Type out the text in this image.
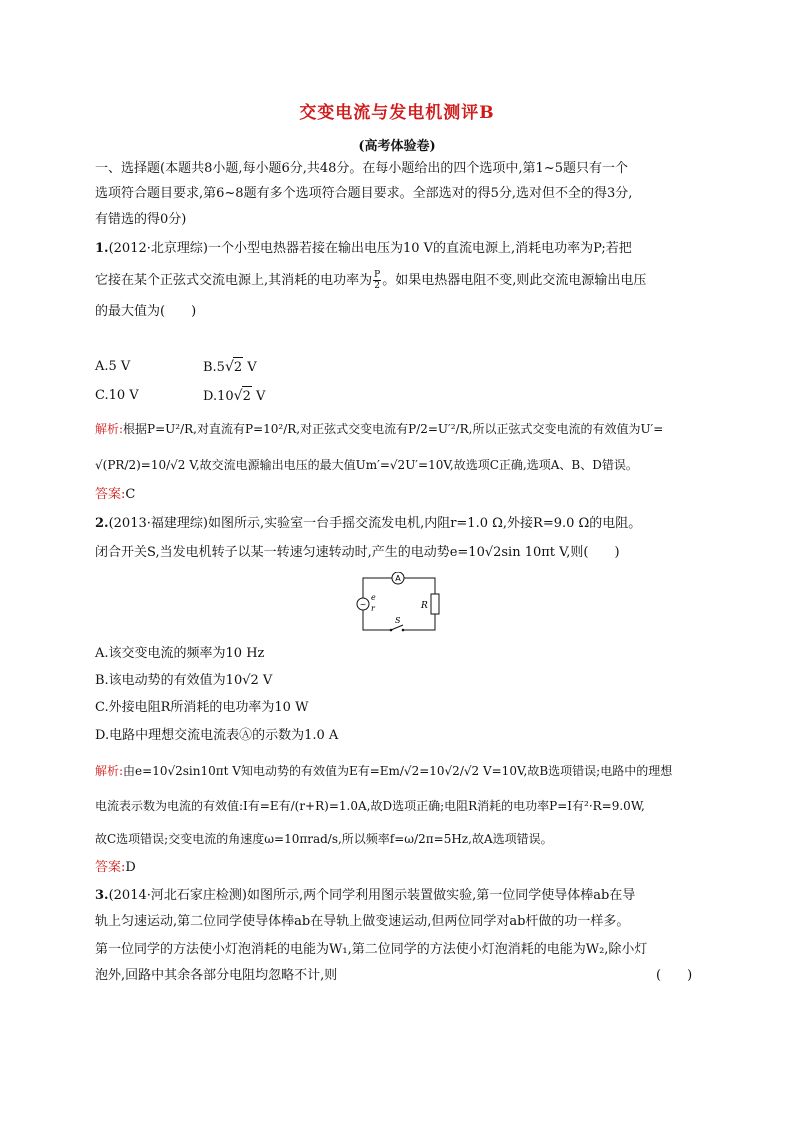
交变电流与发电机测评B
(高考体验卷)
一、选择题(本题共8小题,每小题6分,共48分。在每小题给出的四个选项中,第1~5题只有一个
选项符合题目要求,第6~8题有多个选项符合题目要求。全部选对的得5分,选对但不全的得3分,
有错选的得0分)
1.(2012·北京理综)一个小型电热器若接在输出电压为10 V的直流电源上,消耗电功率为P;若把
它接在某个正弦式交流电源上,其消耗的电功率为 $\frac{P}{2}$ 。如果电热器电阻不变,则此交流电源输出电压
的最大值为(　　)
A.5 V	B.5√2 V
C.10 V	D.10√2 V
解析:根据P=U²/R,对直流有P=10²/R,对正弦式交变电流有P/2=U′²/R,所以正弦式交变电流的有效值为U′=
√(PR/2)=10/√2 V,故交流电源输出电压的最大值Um′=√2U′=10V,故选项C正确,选项A、B、D错误。
答案:C
2.(2013·福建理综)如图所示,实验室一台手摇交流发电机,内阻r=1.0 Ω,外接R=9.0 Ω的电阻。
闭合开关S,当发电机转子以某一转速匀速转动时,产生的电动势e=10√2sin 10πt V,则(　　)
A
~
e
r	R
S
A.该交变电流的频率为10 Hz
B.该电动势的有效值为10√2 V
C.外接电阻R所消耗的电功率为10 W
D.电路中理想交流电流表Ⓐ的示数为1.0 A
解析:由e=10√2sin10πt V知电动势的有效值为E有=Em/√2=10√2/√2 V=10V,故B选项错误;电路中的理想
电流表示数为电流的有效值:I有=E有/(r+R)=1.0A,故D选项正确;电阻R消耗的电功率P=I有²·R=9.0W,
故C选项错误;交变电流的角速度ω=10πrad/s,所以频率f=ω/2π=5Hz,故A选项错误。
答案:D
3.(2014·河北石家庄检测)如图所示,两个同学利用图示装置做实验,第一位同学使导体棒ab在导
轨上匀速运动,第二位同学使导体棒ab在导轨上做变速运动,但两位同学对ab杆做的功一样多。
第一位同学的方法使小灯泡消耗的电能为W₁,第二位同学的方法使小灯泡消耗的电能为W₂,除小灯
泡外,回路中其余各部分电阻均忽略不计,则	(　　)
